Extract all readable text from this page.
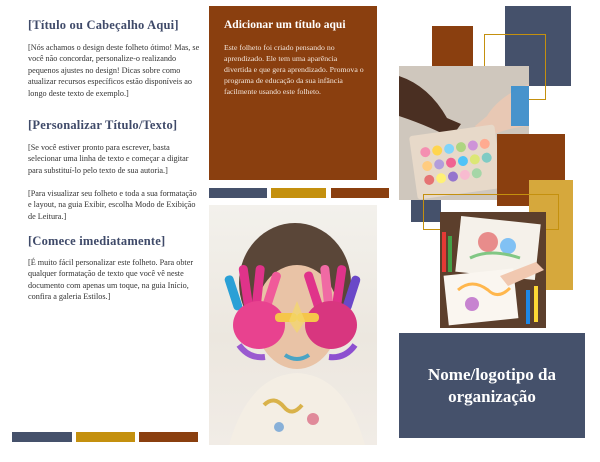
[Título ou Cabeçalho Aqui]
[Nós achamos o design deste folheto ótimo! Mas, se você não concordar, personalize-o realizando pequenos ajustes no design! Dicas sobre como atualizar recursos específicos estão disponíveis ao longo deste texto de exemplo.]
[Personalizar Título/Texto]
[Se você estiver pronto para escrever, basta selecionar uma linha de texto e começar a digitar para substituí-lo pelo texto de sua autoria.]
[Para visualizar seu folheto e toda a sua formatação e layout, na guia Exibir, escolha Modo de Exibição de Leitura.]
[Comece imediatamente]
[É muito fácil personalizar este folheto. Para obter qualquer formatação de texto que você vê neste documento com apenas um toque, na guia Início, confira a galeria Estilos.]
Adicionar um título aqui
Este folheto foi criado pensando no aprendizado. Ele tem uma aparência divertida e que gera aprendizado. Promova o programa de educação da sua infância facilmente usando este folheto.
Nome/logotipo da organização
